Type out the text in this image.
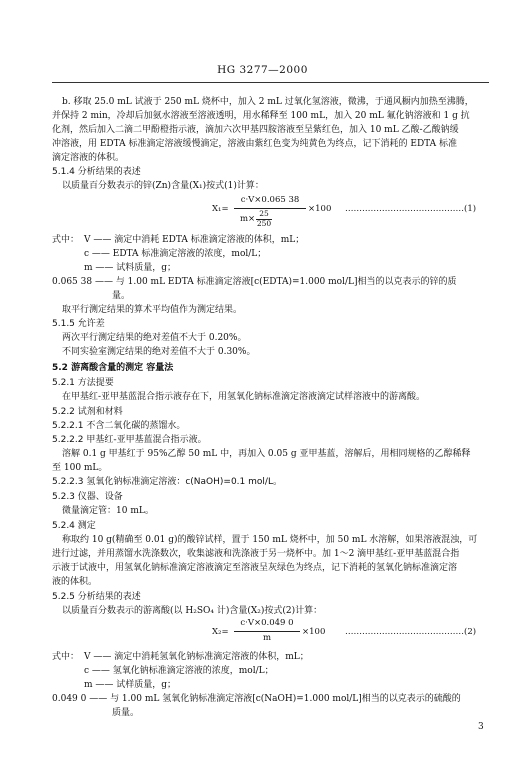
HG 3277—2000
b. 移取 25.0 mL 试液于 250 mL 烧杯中，加入 2 mL 过氧化氢溶液，微沸，于通风橱内加热至沸腾，
并保持 2 min，冷却后加氨水溶液至溶液透明，用水稀释至 100 mL，加入 20 mL 氟化钠溶液和 1 g 抗
化剂，然后加入二滴二甲酚橙指示液，滴加六次甲基四胺溶液至呈紫红色，加入 10 mL 乙酸-乙酸钠缓
冲溶液，用 EDTA 标准滴定溶液缓慢滴定，溶液由紫红色变为纯黄色为终点，记下消耗的 EDTA 标准
滴定溶液的体积。
5.1.4 分析结果的表述
以质量百分数表示的锌(Zn)含量(X₁)按式(1)计算：
X₁=
c·V×0.065 38
m×
25
250
×100 ……………………………………(1)
式中： V —— 滴定中消耗 EDTA 标准滴定溶液的体积，mL；
c —— EDTA 标准滴定溶液的浓度，mol/L；
m —— 试料质量，g；
0.065 38 —— 与 1.00 mL EDTA 标准滴定溶液[c(EDTA)=1.000 mol/L]相当的以克表示的锌的质
量。
取平行测定结果的算术平均值作为测定结果。
5.1.5 允许差
两次平行测定结果的绝对差值不大于 0.20%。
不同实验室测定结果的绝对差值不大于 0.30%。
5.2 游离酸含量的测定 容量法
5.2.1 方法提要
在甲基红-亚甲基蓝混合指示液存在下，用氢氧化钠标准滴定溶液滴定试样溶液中的游离酸。
5.2.2 试剂和材料
5.2.2.1 不含二氧化碳的蒸馏水。
5.2.2.2 甲基红-亚甲基蓝混合指示液。
溶解 0.1 g 甲基红于 95%乙醇 50 mL 中，再加入 0.05 g 亚甲基蓝，溶解后，用相同规格的乙醇稀释
至 100 mL。
5.2.2.3 氢氧化钠标准滴定溶液：c(NaOH)=0.1 mol/L。
5.2.3 仪器、设备
微量滴定管：10 mL。
5.2.4 测定
称取约 10 g(精确至 0.01 g)的酸锌试样，置于 150 mL 烧杯中，加 50 mL 水溶解，如果溶液混浊，可
进行过滤，并用蒸馏水洗涤数次，收集滤液和洗涤液于另一烧杯中。加 1～2 滴甲基红-亚甲基蓝混合指
示液于试液中，用氢氧化钠标准滴定溶液滴定至溶液呈灰绿色为终点，记下消耗的氢氧化钠标准滴定溶
液的体积。
5.2.5 分析结果的表述
以质量百分数表示的游离酸(以 H₂SO₄ 计)含量(X₂)按式(2)计算：
X₂=
c·V×0.049 0
m
×100 ……………………………………(2)
式中： V —— 滴定中消耗氢氧化钠标准滴定溶液的体积，mL；
c —— 氢氧化钠标准滴定溶液的浓度，mol/L；
m —— 试样质量，g；
0.049 0 —— 与 1.00 mL 氢氧化钠标准滴定溶液[c(NaOH)=1.000 mol/L]相当的以克表示的硫酸的
质量。
3
